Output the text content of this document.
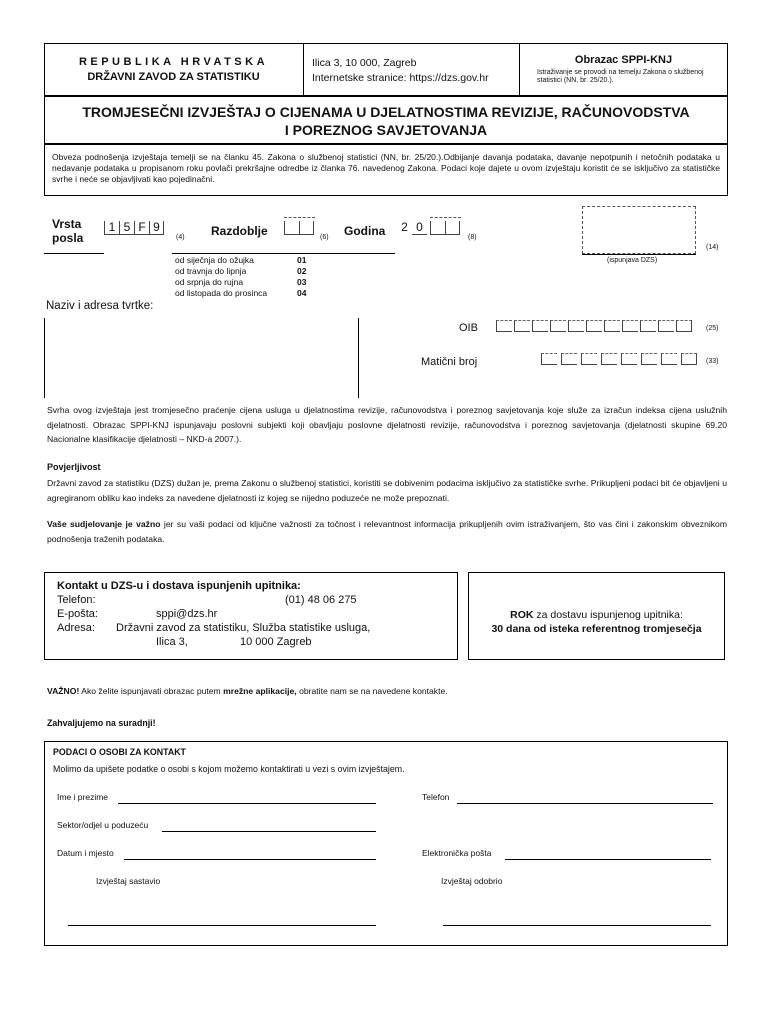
REPUBLIKA HRVATSKA
DRŽAVNI ZAVOD ZA STATISTIKU
Ilica 3, 10 000, Zagreb
Internetske stranice: https://dzs.gov.hr
Obrazac SPPI-KNJ
Istraživanje se provodi na temelju Zakona o službenoj statistici (NN, br. 25/20.).
TROMJESEČNI IZVJEŠTAJ O CIJENAMA U DJELATNOSTIMA REVIZIJE, RAČUNOVODSTVA
I POREZNOG SAVJETOVANJA
Obveza podnošenja izvještaja temelji se na članku 45. Zakona o službenoj statistici (NN, br. 25/20.).Odbijanje davanja podataka, davanje nepotpunih i netočnih podataka u nedavanje podataka u propisanom roku povlači prekršajne odredbe iz članka 76. navedenog Zakona. Podaci koje dajete u ovom izvještaju koristit će se isključivo za statističke svrhe i neće se objavljivati kao pojedinačni.
Vrsta
posla
1 5 F 9
(4) Razdoblje	(6) Godina	2 0
(8)
(14)
(ispunjava DZS)
od siječnja do ožujka	01
od travnja do lipnja	02
od srpnja do rujna	03
od listopada do prosinca	04
Naziv i adresa tvrtke:
OIB	(25)
Matični broj	(33)
Svrha ovog izvještaja jest tromjesečno praćenje cijena usluga u djelatnostima revizije, računovodstva i poreznog savjetovanja koje služe za izračun indeksa cijena uslužnih djelatnosti. Obrazac SPPI-KNJ ispunjavaju poslovni subjekti koji obavljaju poslovne djelatnosti revizije, računovodstva i poreznog savjetovanja (djelatnosti skupine 69.20 Nacionalne klasifikacije djelatnosti – NKD-a 2007.).
Povjerljivost
Državni zavod za statistiku (DZS) dužan je, prema Zakonu o službenoj statistici, koristiti se dobivenim podacima isključivo za statističke svrhe. Prikupljeni podaci bit će objavljeni u agregiranom obliku kao indeks za navedene djelatnosti iz kojeg se nijedno poduzeće ne može prepoznati.
Vaše sudjelovanje je važno jer su vaši podaci od ključne važnosti za točnost i relevantnost informacija prikupljenih ovim istraživanjem, što vas čini i zakonskim obveznikom podnošenja traženih podataka.
Kontakt u DZS-u i dostava ispunjenih upitnika:
Telefon:	(01) 48 06 275
E-pošta:	sppi@dzs.hr
Adresa: Državni zavod za statistiku, Služba statistike usluga,
Ilica 3,	10 000 Zagreb
ROK za dostavu ispunjenog upitnika:
30 dana od isteka referentnog tromjesečja
VAŽNO! Ako želite ispunjavati obrazac putem mrežne aplikacije, obratite nam se na navedene kontakte.
Zahvaljujemo na suradnji!
PODACI O OSOBI ZA KONTAKT
Molimo da upišete podatke o osobi s kojom možemo kontaktirati u vezi s ovim izvještajem.
Ime i prezime	Telefon
Sektor/odjel u poduzeću
Datum i mjesto	Elektronička pošta
Izvještaj sastavio	Izvještaj odobrio
